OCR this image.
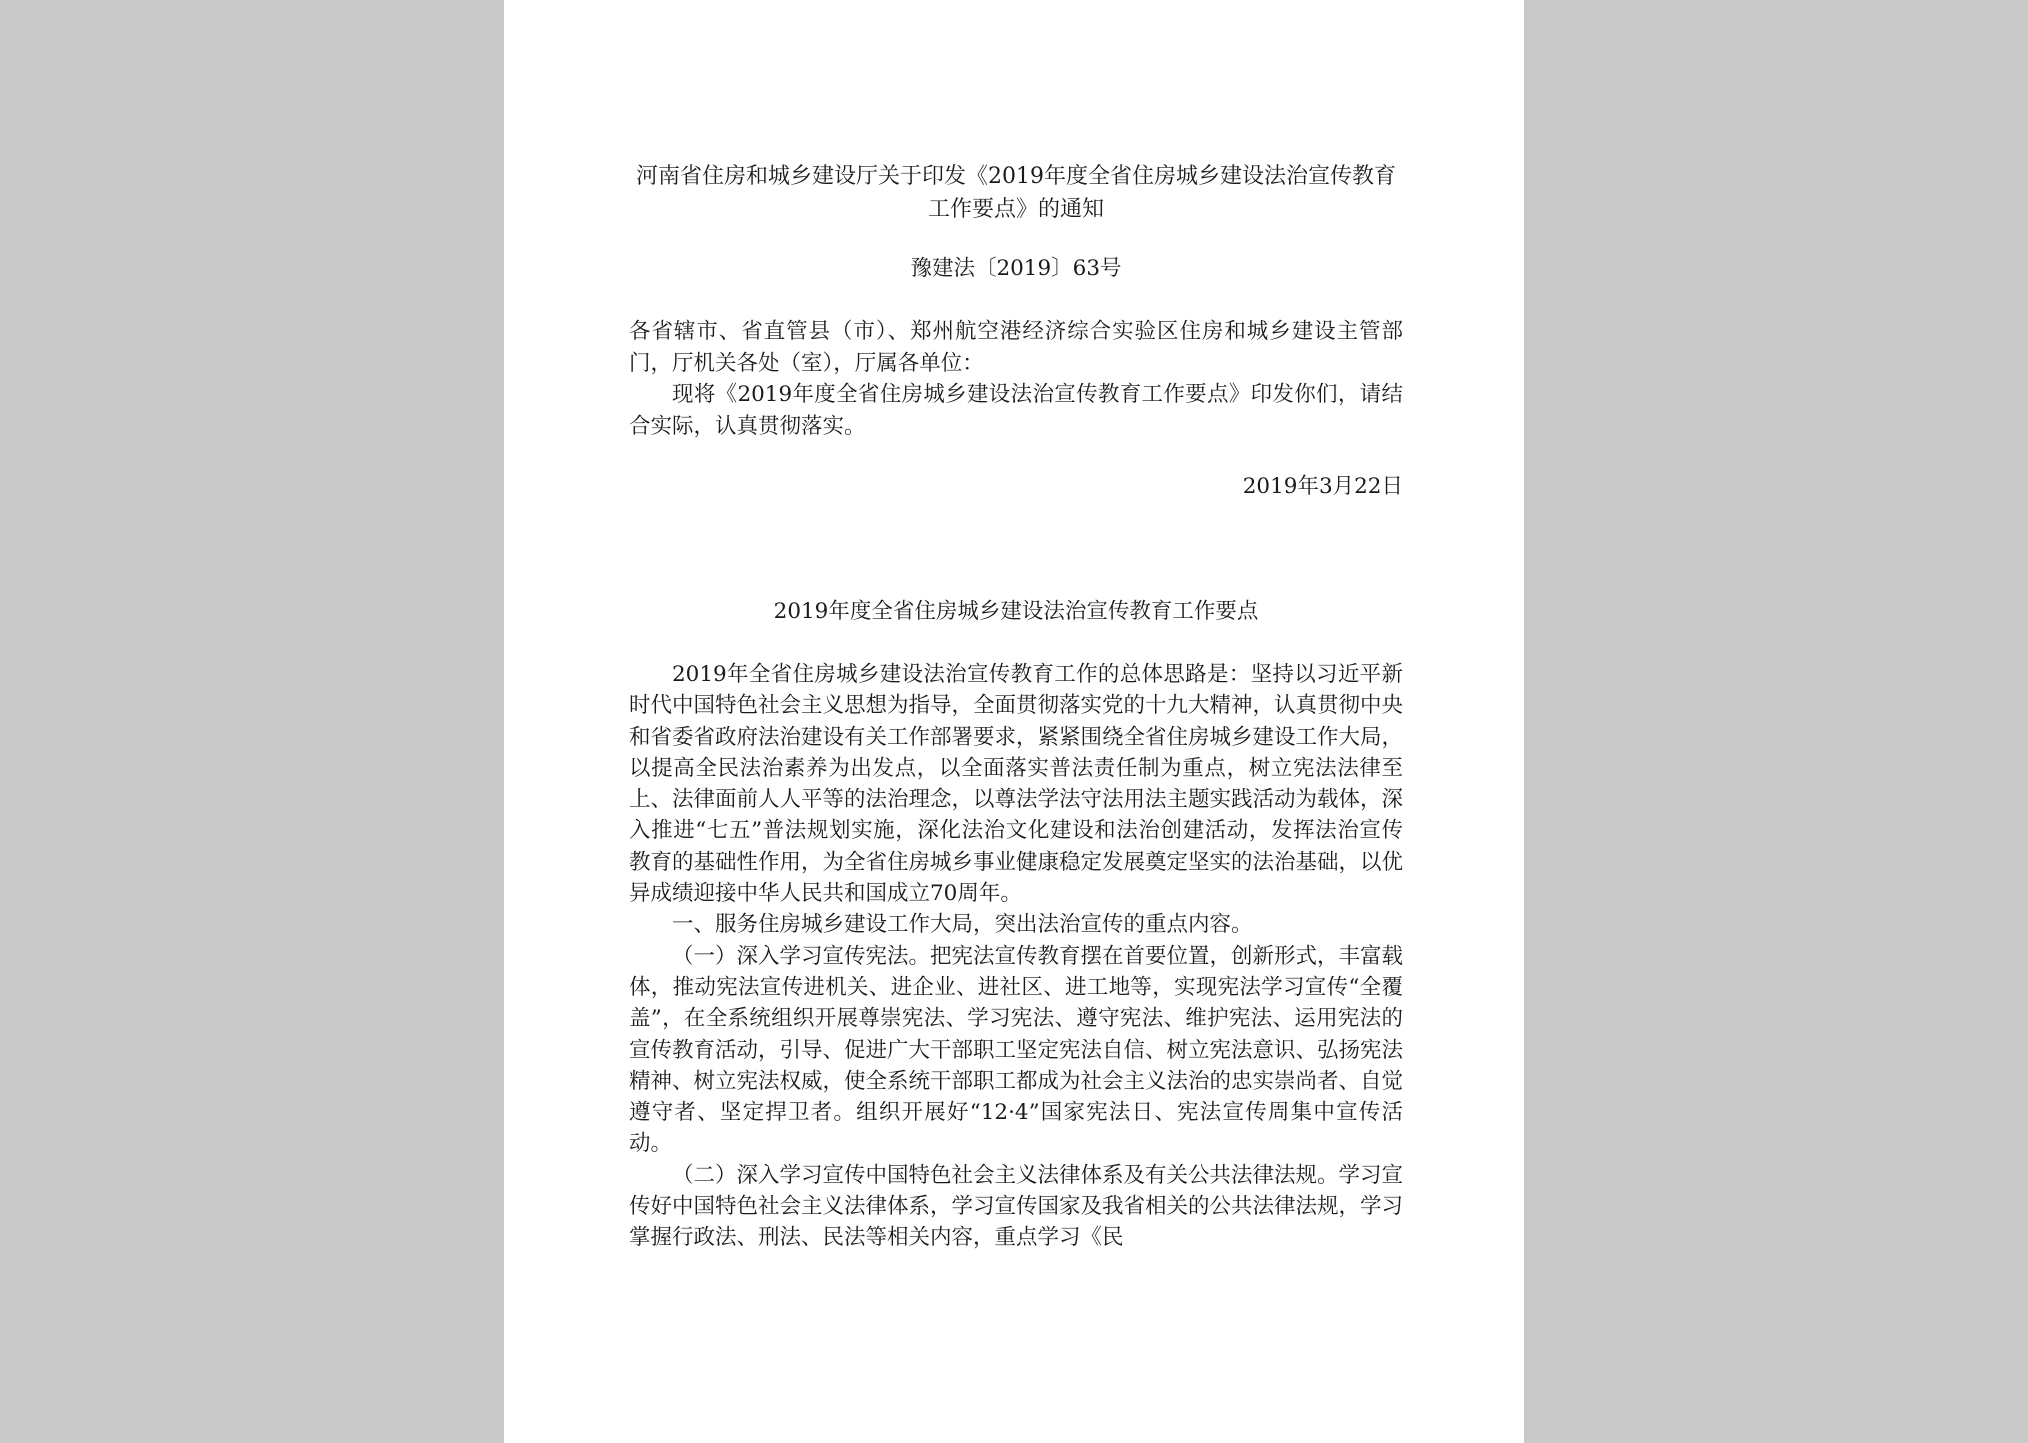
河南省住房和城乡建设厅关于印发《2019年度全省住房城乡建设法治宣传教育工作要点》的通知
豫建法〔2019〕63号
各省辖市、省直管县（市）、郑州航空港经济综合实验区住房和城乡建设主管部门，厅机关各处（室），厅属各单位：
现将《2019年度全省住房城乡建设法治宣传教育工作要点》印发你们，请结合实际，认真贯彻落实。
2019年3月22日
2019年度全省住房城乡建设法治宣传教育工作要点

2019年全省住房城乡建设法治宣传教育工作的总体思路是：坚持以习近平新时代中国特色社会主义思想为指导，全面贯彻落实党的十九大精神，认真贯彻中央和省委省政府法治建设有关工作部署要求，紧紧围绕全省住房城乡建设工作大局，以提高全民法治素养为出发点，以全面落实普法责任制为重点，树立宪法法律至上、法律面前人人平等的法治理念，以尊法学法守法用法主题实践活动为载体，深入推进“七五”普法规划实施，深化法治文化建设和法治创建活动，发挥法治宣传教育的基础性作用，为全省住房城乡事业健康稳定发展奠定坚实的法治基础，以优异成绩迎接中华人民共和国成立70周年。

一、服务住房城乡建设工作大局，突出法治宣传的重点内容。

（一）深入学习宣传宪法。把宪法宣传教育摆在首要位置，创新形式，丰富载体，推动宪法宣传进机关、进企业、进社区、进工地等，实现宪法学习宣传“全覆盖”，在全系统组织开展尊崇宪法、学习宪法、遵守宪法、维护宪法、运用宪法的宣传教育活动，引导、促进广大干部职工坚定宪法自信、树立宪法意识、弘扬宪法精神、树立宪法权威，使全系统干部职工都成为社会主义法治的忠实崇尚者、自觉遵守者、坚定捍卫者。组织开展好“12·4”国家宪法日、宪法宣传周集中宣传活动。

（二）深入学习宣传中国特色社会主义法律体系及有关公共法律法规。学习宣传好中国特色社会主义法律体系，学习宣传国家及我省相关的公共法律法规，学习掌握行政法、刑法、民法等相关内容，重点学习《民
